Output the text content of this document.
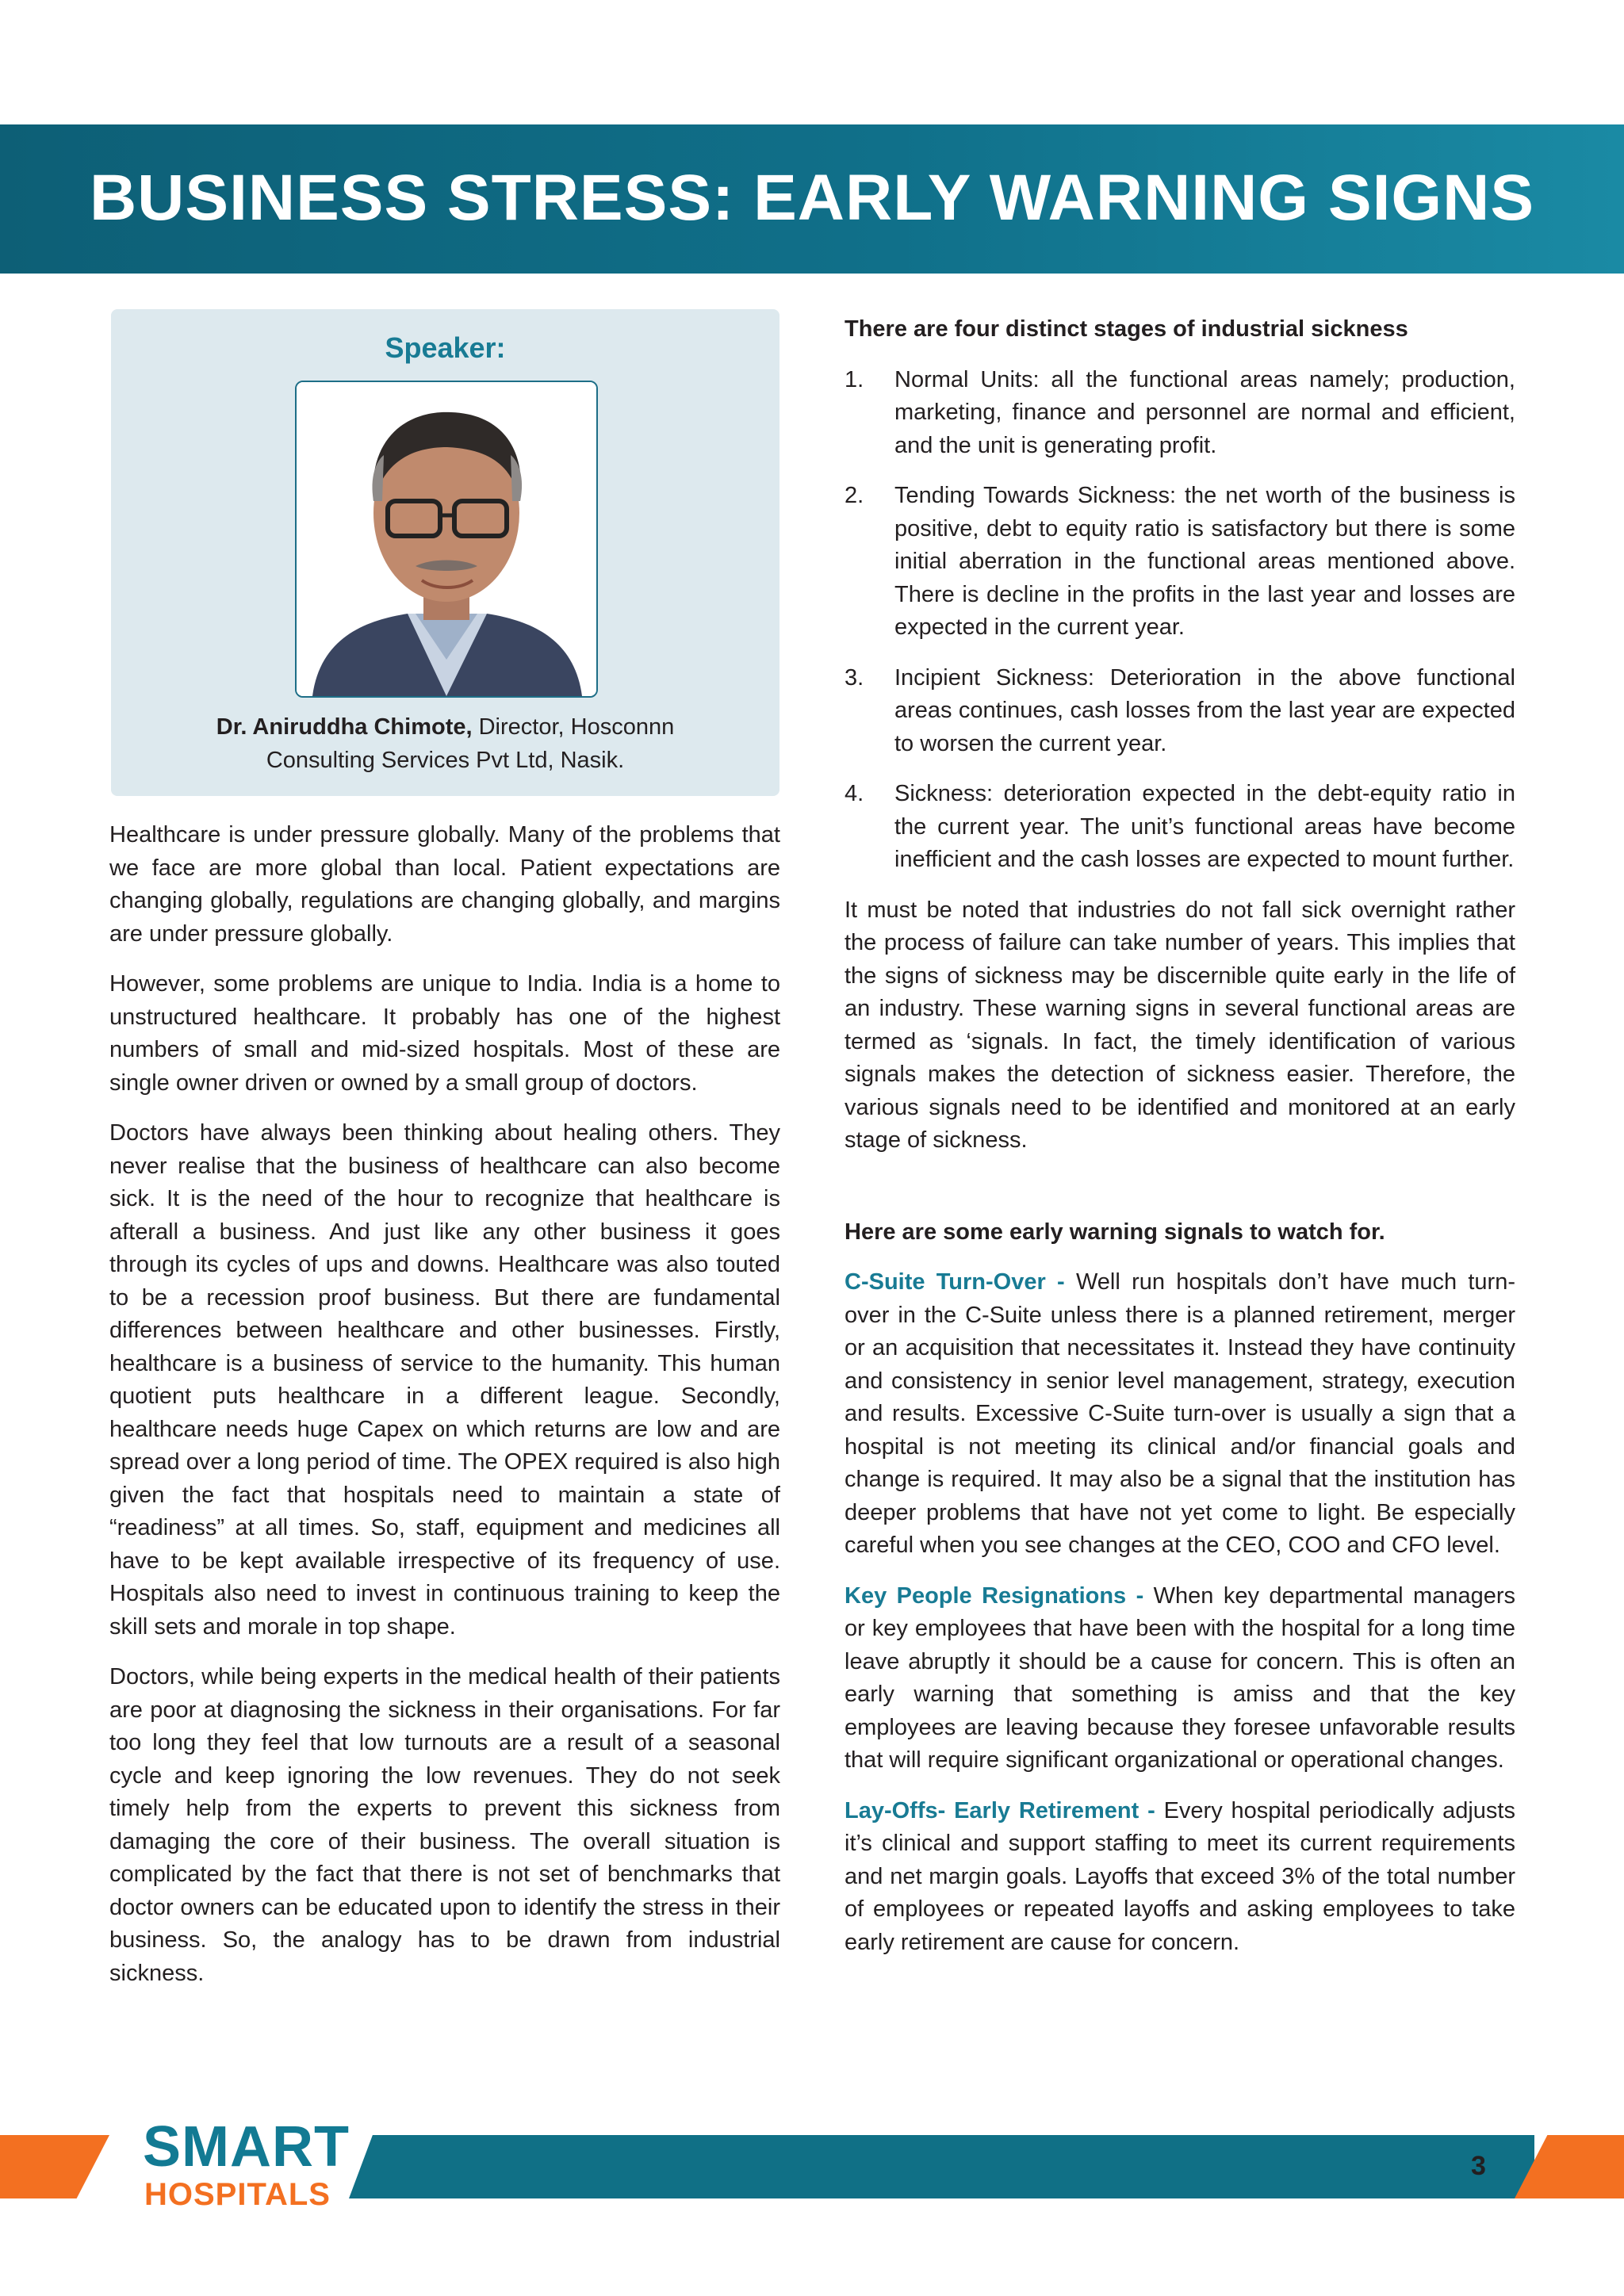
BUSINESS STRESS: EARLY WARNING SIGNS

Speaker:

Dr. Aniruddha Chimote, Director, Hosconnn
Consulting Services Pvt Ltd, Nasik.

Healthcare is under pressure globally. Many of the problems that we face are more global than local. Patient expectations are changing globally, regulations are changing globally, and margins are under pressure globally.

However, some problems are unique to India. India is a home to unstructured healthcare. It probably has one of the highest numbers of small and mid-sized hospitals. Most of these are single owner driven or owned by a small group of doctors.

Doctors have always been thinking about healing others. They never realise that the business of healthcare can also become sick. It is the need of the hour to recognize that healthcare is afterall a business. And just like any other business it goes through its cycles of ups and downs. Healthcare was also touted to be a recession proof business. But there are fundamental differences between healthcare and other businesses. Firstly, healthcare is a business of service to the humanity. This human quotient puts healthcare in a different league. Secondly, healthcare needs huge Capex on which returns are low and are spread over a long period of time. The OPEX required is also high given the fact that hospitals need to maintain a state of “readiness” at all times. So, staff, equipment and medicines all have to be kept available irrespective of its frequency of use. Hospitals also need to invest in continuous training to keep the skill sets and morale in top shape.

Doctors, while being experts in the medical health of their patients are poor at diagnosing the sickness in their organisations. For far too long they feel that low turnouts are a result of a seasonal cycle and keep ignoring the low revenues. They do not seek timely help from the experts to prevent this sickness from damaging the core of their business. The overall situation is complicated by the fact that there is not set of benchmarks that doctor owners can be educated upon to identify the stress in their business. So, the analogy has to be drawn from industrial sickness.

There are four distinct stages of industrial sickness

1. Normal Units: all the functional areas namely; production, marketing, finance and personnel are normal and efficient, and the unit is generating profit.
2. Tending Towards Sickness: the net worth of the business is positive, debt to equity ratio is satisfactory but there is some initial aberration in the functional areas mentioned above. There is decline in the profits in the last year and losses are expected in the current year.
3. Incipient Sickness: Deterioration in the above functional areas continues, cash losses from the last year are expected to worsen the current year.
4. Sickness: deterioration expected in the debt-equity ratio in the current year. The unit’s functional areas have become inefficient and the cash losses are expected to mount further.

It must be noted that industries do not fall sick overnight rather the process of failure can take number of years. This implies that the signs of sickness may be discernible quite early in the life of an industry. These warning signs in several functional areas are termed as ‘signals. In fact, the timely identification of various signals makes the detection of sickness easier. Therefore, the various signals need to be identified and monitored at an early stage of sickness.

Here are some early warning signals to watch for.

C-Suite Turn-Over - Well run hospitals don’t have much turn-over in the C-Suite unless there is a planned retirement, merger or an acquisition that necessitates it. Instead they have continuity and consistency in senior level management, strategy, execution and results. Excessive C-Suite turn-over is usually a sign that a hospital is not meeting its clinical and/or financial goals and change is required. It may also be a signal that the institution has deeper problems that have not yet come to light. Be especially careful when you see changes at the CEO, COO and CFO level.

Key People Resignations - When key departmental managers or key employees that have been with the hospital for a long time leave abruptly it should be a cause for concern. This is often an early warning that something is amiss and that the key employees are leaving because they foresee unfavorable results that will require significant organizational or operational changes.

Lay-Offs- Early Retirement - Every hospital periodically adjusts it’s clinical and support staffing to meet its current requirements and net margin goals. Layoffs that exceed 3% of the total number of employees or repeated layoffs and asking employees to take early retirement are cause for concern.

SMART
HOSPITALS
3
